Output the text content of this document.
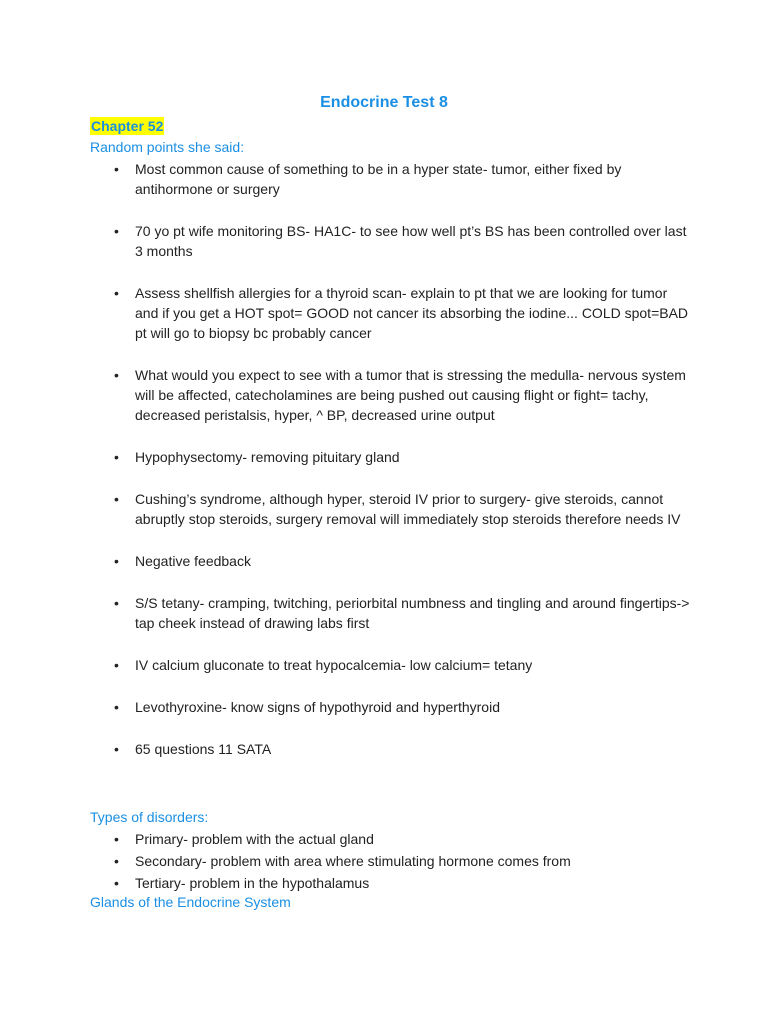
Endocrine Test 8
Chapter 52
Random points she said:
• Most common cause of something to be in a hyper state- tumor, either fixed by antihormone or surgery
• 70 yo pt wife monitoring BS- HA1C- to see how well pt’s BS has been controlled over last 3 months
• Assess shellfish allergies for a thyroid scan- explain to pt that we are looking for tumor and if you get a HOT spot= GOOD not cancer its absorbing the iodine... COLD spot=BAD pt will go to biopsy bc probably cancer
• What would you expect to see with a tumor that is stressing the medulla- nervous system will be affected, catecholamines are being pushed out causing flight or fight= tachy, decreased peristalsis, hyper, ^ BP, decreased urine output
• Hypophysectomy- removing pituitary gland
• Cushing’s syndrome, although hyper, steroid IV prior to surgery- give steroids, cannot abruptly stop steroids, surgery removal will immediately stop steroids therefore needs IV
• Negative feedback
• S/S tetany- cramping, twitching, periorbital numbness and tingling and around fingertips-> tap cheek instead of drawing labs first
• IV calcium gluconate to treat hypocalcemia- low calcium= tetany
• Levothyroxine- know signs of hypothyroid and hyperthyroid
• 65 questions 11 SATA
Types of disorders:
• Primary- problem with the actual gland
• Secondary- problem with area where stimulating hormone comes from
• Tertiary- problem in the hypothalamus
Glands of the Endocrine System
